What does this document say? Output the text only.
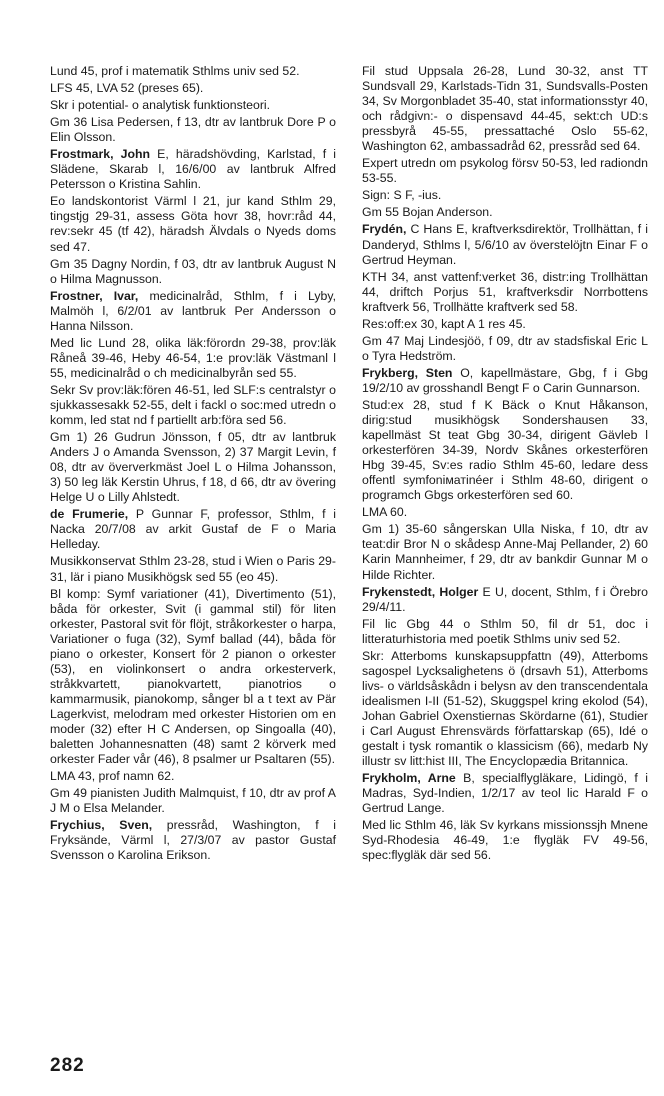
Lund 45, prof i matematik Sthlms univ sed 52.
LFS 45, LVA 52 (preses 65).
Skr i potential- o analytisk funktionsteori.
Gm 36 Lisa Pedersen, f 13, dtr av lantbruk Dore P o Elin Olsson.
Frostmark, John E, häradshövding, Karlstad, f i Slädene, Skarab l, 16/6/00 av lantbruk Alfred Petersson o Kristina Sahlin.
Eo landskontorist Värml l 21, jur kand Sthlm 29, tingstjg 29-31, assess Göta hovr 38, hovr:råd 44, rev:sekr 45 (tf 42), häradsh Älvdals o Nyeds doms sed 47.
Gm 35 Dagny Nordin, f 03, dtr av lantbruk August N o Hilma Magnusson.
Frostner, Ivar, medicinalråd, Sthlm, f i Lyby, Malmöh l, 6/2/01 av lantbruk Per Andersson o Hanna Nilsson.
Med lic Lund 28, olika läk:förordn 29-38, prov:läk Råneå 39-46, Heby 46-54, 1:e prov:läk Västmanl l 55, medicinalråd o ch medicinalbyrån sed 55.
Sekr Sv prov:läk:fören 46-51, led SLF:s centralstyr o sjukkassesakk 52-55, delt i fackl o soc:med utredn o komm, led stat nd f partiellt arb:föra sed 56.
Gm 1) 26 Gudrun Jönsson, f 05, dtr av lantbruk Anders J o Amanda Svensson, 2) 37 Margit Levin, f 08, dtr av öververkmäst Joel L o Hilma Johansson, 3) 50 leg läk Kerstin Uhrus, f 18, d 66, dtr av övering Helge U o Lilly Ahlstedt.
de Frumerie, P Gunnar F, professor, Sthlm, f i Nacka 20/7/08 av arkit Gustaf de F o Maria Helleday.
Musikkonservat Sthlm 23-28, stud i Wien o Paris 29-31, lär i piano Musikhögsk sed 55 (eo 45).
Bl komp: Symf variationer (41), Divertimento (51), båda för orkester, Svit (i gammal stil) för liten orkester, Pastoral svit för flöjt, stråkorkester o harpa, Variationer o fuga (32), Symf ballad (44), båda för piano o orkester, Konsert för 2 pianon o orkester (53), en violinkonsert o andra orkesterverk, stråkkvartett, pianokvartett, pianotrios o kammarmusik, pianokomp, sånger bl a t text av Pär Lagerkvist, melodram med orkester Historien om en moder (32) efter H C Andersen, op Singoalla (40), baletten Johannesnatten (48) samt 2 körverk med orkester Fader vår (46), 8 psalmer ur Psaltaren (55).
LMA 43, prof namn 62.
Gm 49 pianisten Judith Malmquist, f 10, dtr av prof A J M o Elsa Melander.
Frychius, Sven, pressråd, Washington, f i Fryksände, Värml l, 27/3/07 av pastor Gustaf Svensson o Karolina Erikson.
Fil stud Uppsala 26-28, Lund 30-32, anst TT Sundsvall 29, Karlstads-Tidn 31, Sundsvalls-Posten 34, Sv Morgonbladet 35-40, stat informationsstyr 40, och rådgivn:- o dispensavd 44-45, sekt:ch UD:s pressbyrå 45-55, pressattaché Oslo 55-62, Washington 62, ambassadråd 62, pressråd sed 64.
Expert utredn om psykolog försv 50-53, led radiondn 53-55.
Sign: S F, -ius.
Gm 55 Bojan Anderson.
Frydén, C Hans E, kraftverksdirektör, Trollhättan, f i Danderyd, Sthlms l, 5/6/10 av överstelöjtn Einar F o Gertrud Heyman.
KTH 34, anst vattenf:verket 36, distr:ing Trollhättan 44, driftch Porjus 51, kraftverksdir Norrbottens kraftverk 56, Trollhätte kraftverk sed 58.
Res:off:ex 30, kapt A 1 res 45.
Gm 47 Maj Lindesjöö, f 09, dtr av stadsfiskal Eric L o Tyra Hedström.
Frykberg, Sten O, kapellmästare, Gbg, f i Gbg 19/2/10 av grosshandl Bengt F o Carin Gunnarson.
Stud:ex 28, stud f K Bäck o Knut Håkanson, dirig:stud musikhögsk Sondershausen 33, kapellmäst St teat Gbg 30-34, dirigent Gävleb l orkesterfören 34-39, Nordv Skånes orkesterfören Hbg 39-45, Sv:es radio Sthlm 45-60, ledare dess offentl symfoniматinéer i Sthlm 48-60, dirigent o programch Gbgs orkesterfören sed 60.
LMA 60.
Gm 1) 35-60 sångerskan Ulla Niska, f 10, dtr av teat:dir Bror N o skådesp Anne-Maj Pellander, 2) 60 Karin Mannheimer, f 29, dtr av bankdir Gunnar M o Hilde Richter.
Frykenstedt, Holger E U, docent, Sthlm, f i Örebro 29/4/11.
Fil lic Gbg 44 o Sthlm 50, fil dr 51, doc i litteraturhistoria med poetik Sthlms univ sed 52.
Skr: Atterboms kunskapsuppfattn (49), Atterboms sagospel Lycksalighetens ö (drsavh 51), Atterboms livs- o världsåskådn i belysn av den transcendentala idealismen I-II (51-52), Skuggspel kring ekolod (54), Johan Gabriel Oxenstiernas Skördarne (61), Studier i Carl August Ehrensvärds författarskap (65), Idé o gestalt i tysk romantik o klassicism (66), medarb Ny illustr sv litt:hist III, The Encyclopædia Britannica.
Frykholm, Arne B, specialflygläkare, Lidingö, f i Madras, Syd-Indien, 1/2/17 av teol lic Harald F o Gertrud Lange.
Med lic Sthlm 46, läk Sv kyrkans missionssjh Mnene Syd-Rhodesia 46-49, 1:e flygläk FV 49-56, spec:flygläk där sed 56.
282
